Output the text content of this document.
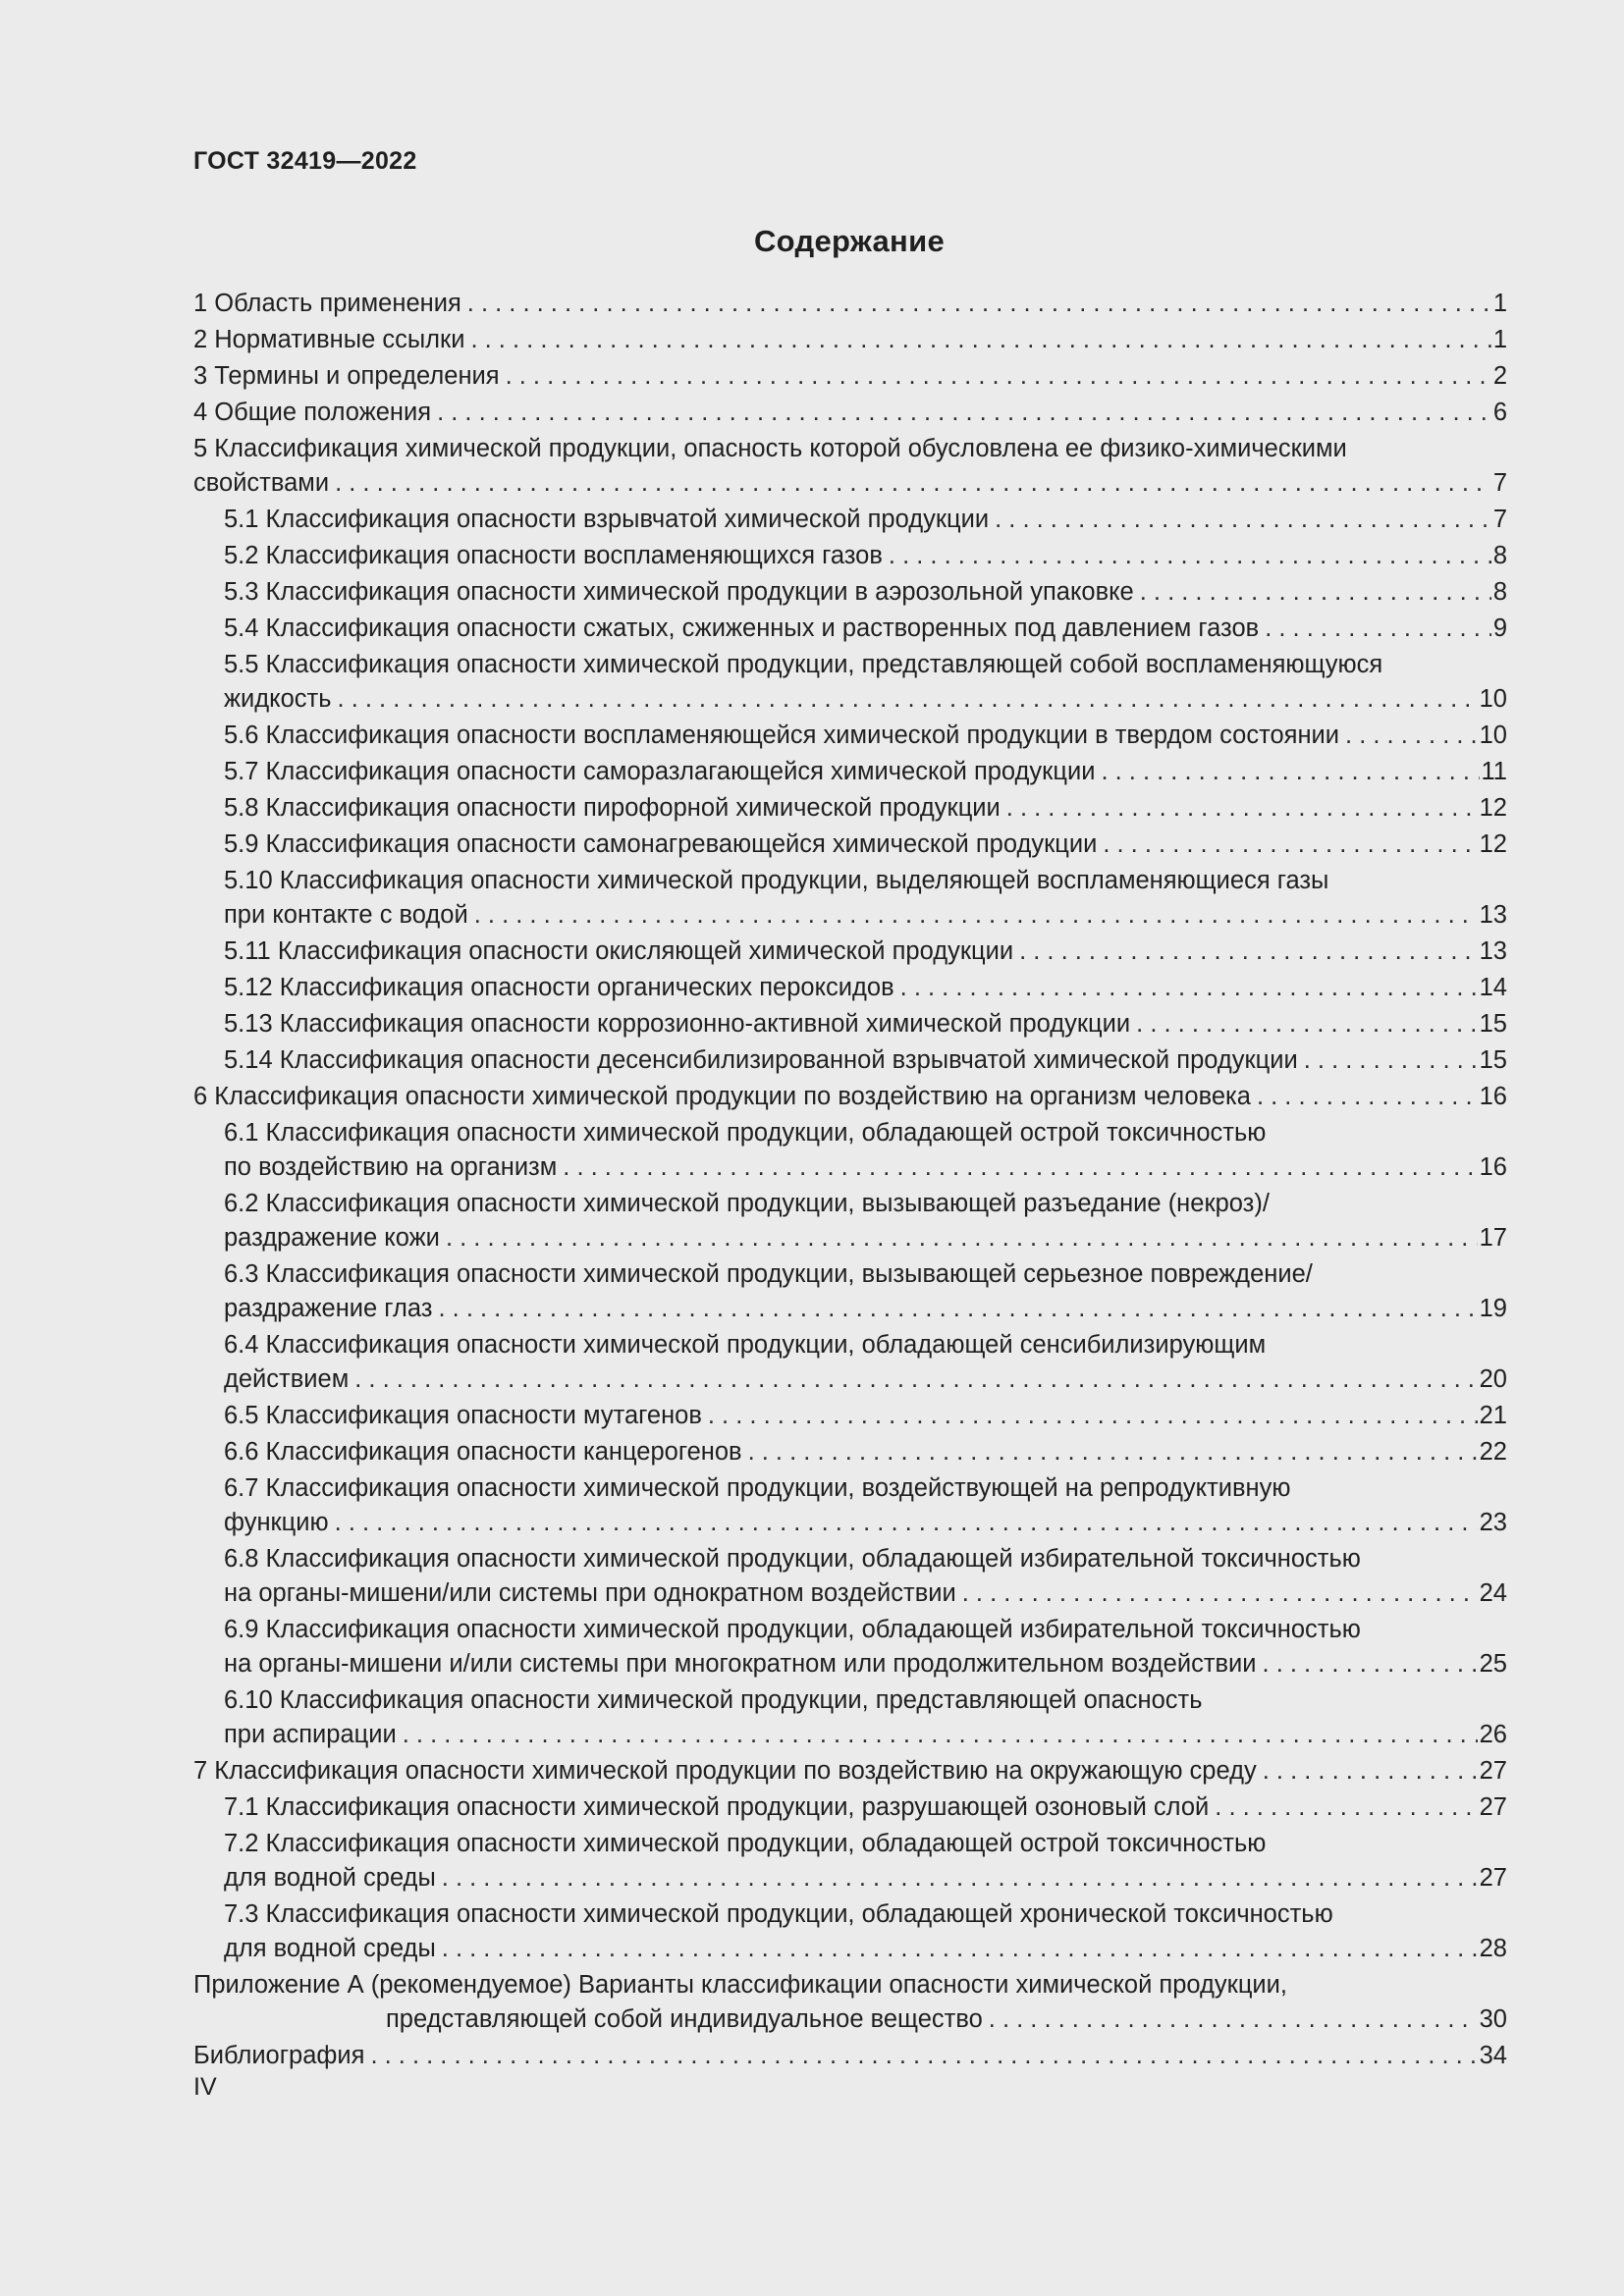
ГОСТ 32419—2022
Содержание
1 Область применения . . .	1
2 Нормативные ссылки . . .	1
3 Термины и определения . . .	2
4 Общие положения . . .	6
5 Классификация химической продукции, опасность которой обусловлена ее физико-химическими
свойствами . . .	7
5.1 Классификация опасности взрывчатой химической продукции . . .	7
5.2 Классификация опасности воспламеняющихся газов . . .	8
5.3 Классификация опасности химической продукции в аэрозольной упаковке . . .	8
5.4 Классификация опасности сжатых, сжиженных и растворенных под давлением газов . . .	9
5.5 Классификация опасности химической продукции, представляющей собой воспламеняющуюся
жидкость . . .	10
5.6 Классификация опасности воспламеняющейся химической продукции в твердом состоянии . . .	10
5.7 Классификация опасности саморазлагающейся химической продукции . . .	11
5.8 Классификация опасности пирофорной химической продукции . . .	12
5.9 Классификация опасности самонагревающейся химической продукции . . .	12
5.10 Классификация опасности химической продукции, выделяющей воспламеняющиеся газы
при контакте с водой . . .	13
5.11 Классификация опасности окисляющей химической продукции . . .	13
5.12 Классификация опасности органических пероксидов . . .	14
5.13 Классификация опасности коррозионно-активной химической продукции . . .	15
5.14 Классификация опасности десенсибилизированной взрывчатой химической продукции . . .	15
6 Классификация опасности химической продукции по воздействию на организм человека . . .	16
6.1 Классификация опасности химической продукции, обладающей острой токсичностью
по воздействию на организм . . .	16
6.2 Классификация опасности химической продукции, вызывающей разъедание (некроз)/
раздражение кожи . . .	17
6.3 Классификация опасности химической продукции, вызывающей серьезное повреждение/
раздражение глаз . . .	19
6.4 Классификация опасности химической продукции, обладающей сенсибилизирующим
действием . . .	20
6.5 Классификация опасности мутагенов . . .	21
6.6 Классификация опасности канцерогенов . . .	22
6.7 Классификация опасности химической продукции, воздействующей на репродуктивную
функцию . . .	23
6.8 Классификация опасности химической продукции, обладающей избирательной токсичностью
на органы-мишени/или системы при однократном воздействии . . .	24
6.9 Классификация опасности химической продукции, обладающей избирательной токсичностью
на органы-мишени и/или системы при многократном или продолжительном воздействии . . .	25
6.10 Классификация опасности химической продукции, представляющей опасность
при аспирации . . .	26
7 Классификация опасности химической продукции по воздействию на окружающую среду . . .	27
7.1 Классификация опасности химической продукции, разрушающей озоновый слой . . .	27
7.2 Классификация опасности химической продукции, обладающей острой токсичностью
для водной среды . . .	27
7.3 Классификация опасности химической продукции, обладающей хронической токсичностью
для водной среды . . .	28
Приложение А (рекомендуемое) Варианты классификации опасности химической продукции,
представляющей собой индивидуальное вещество . . .	30
Библиография . . .	34
IV
